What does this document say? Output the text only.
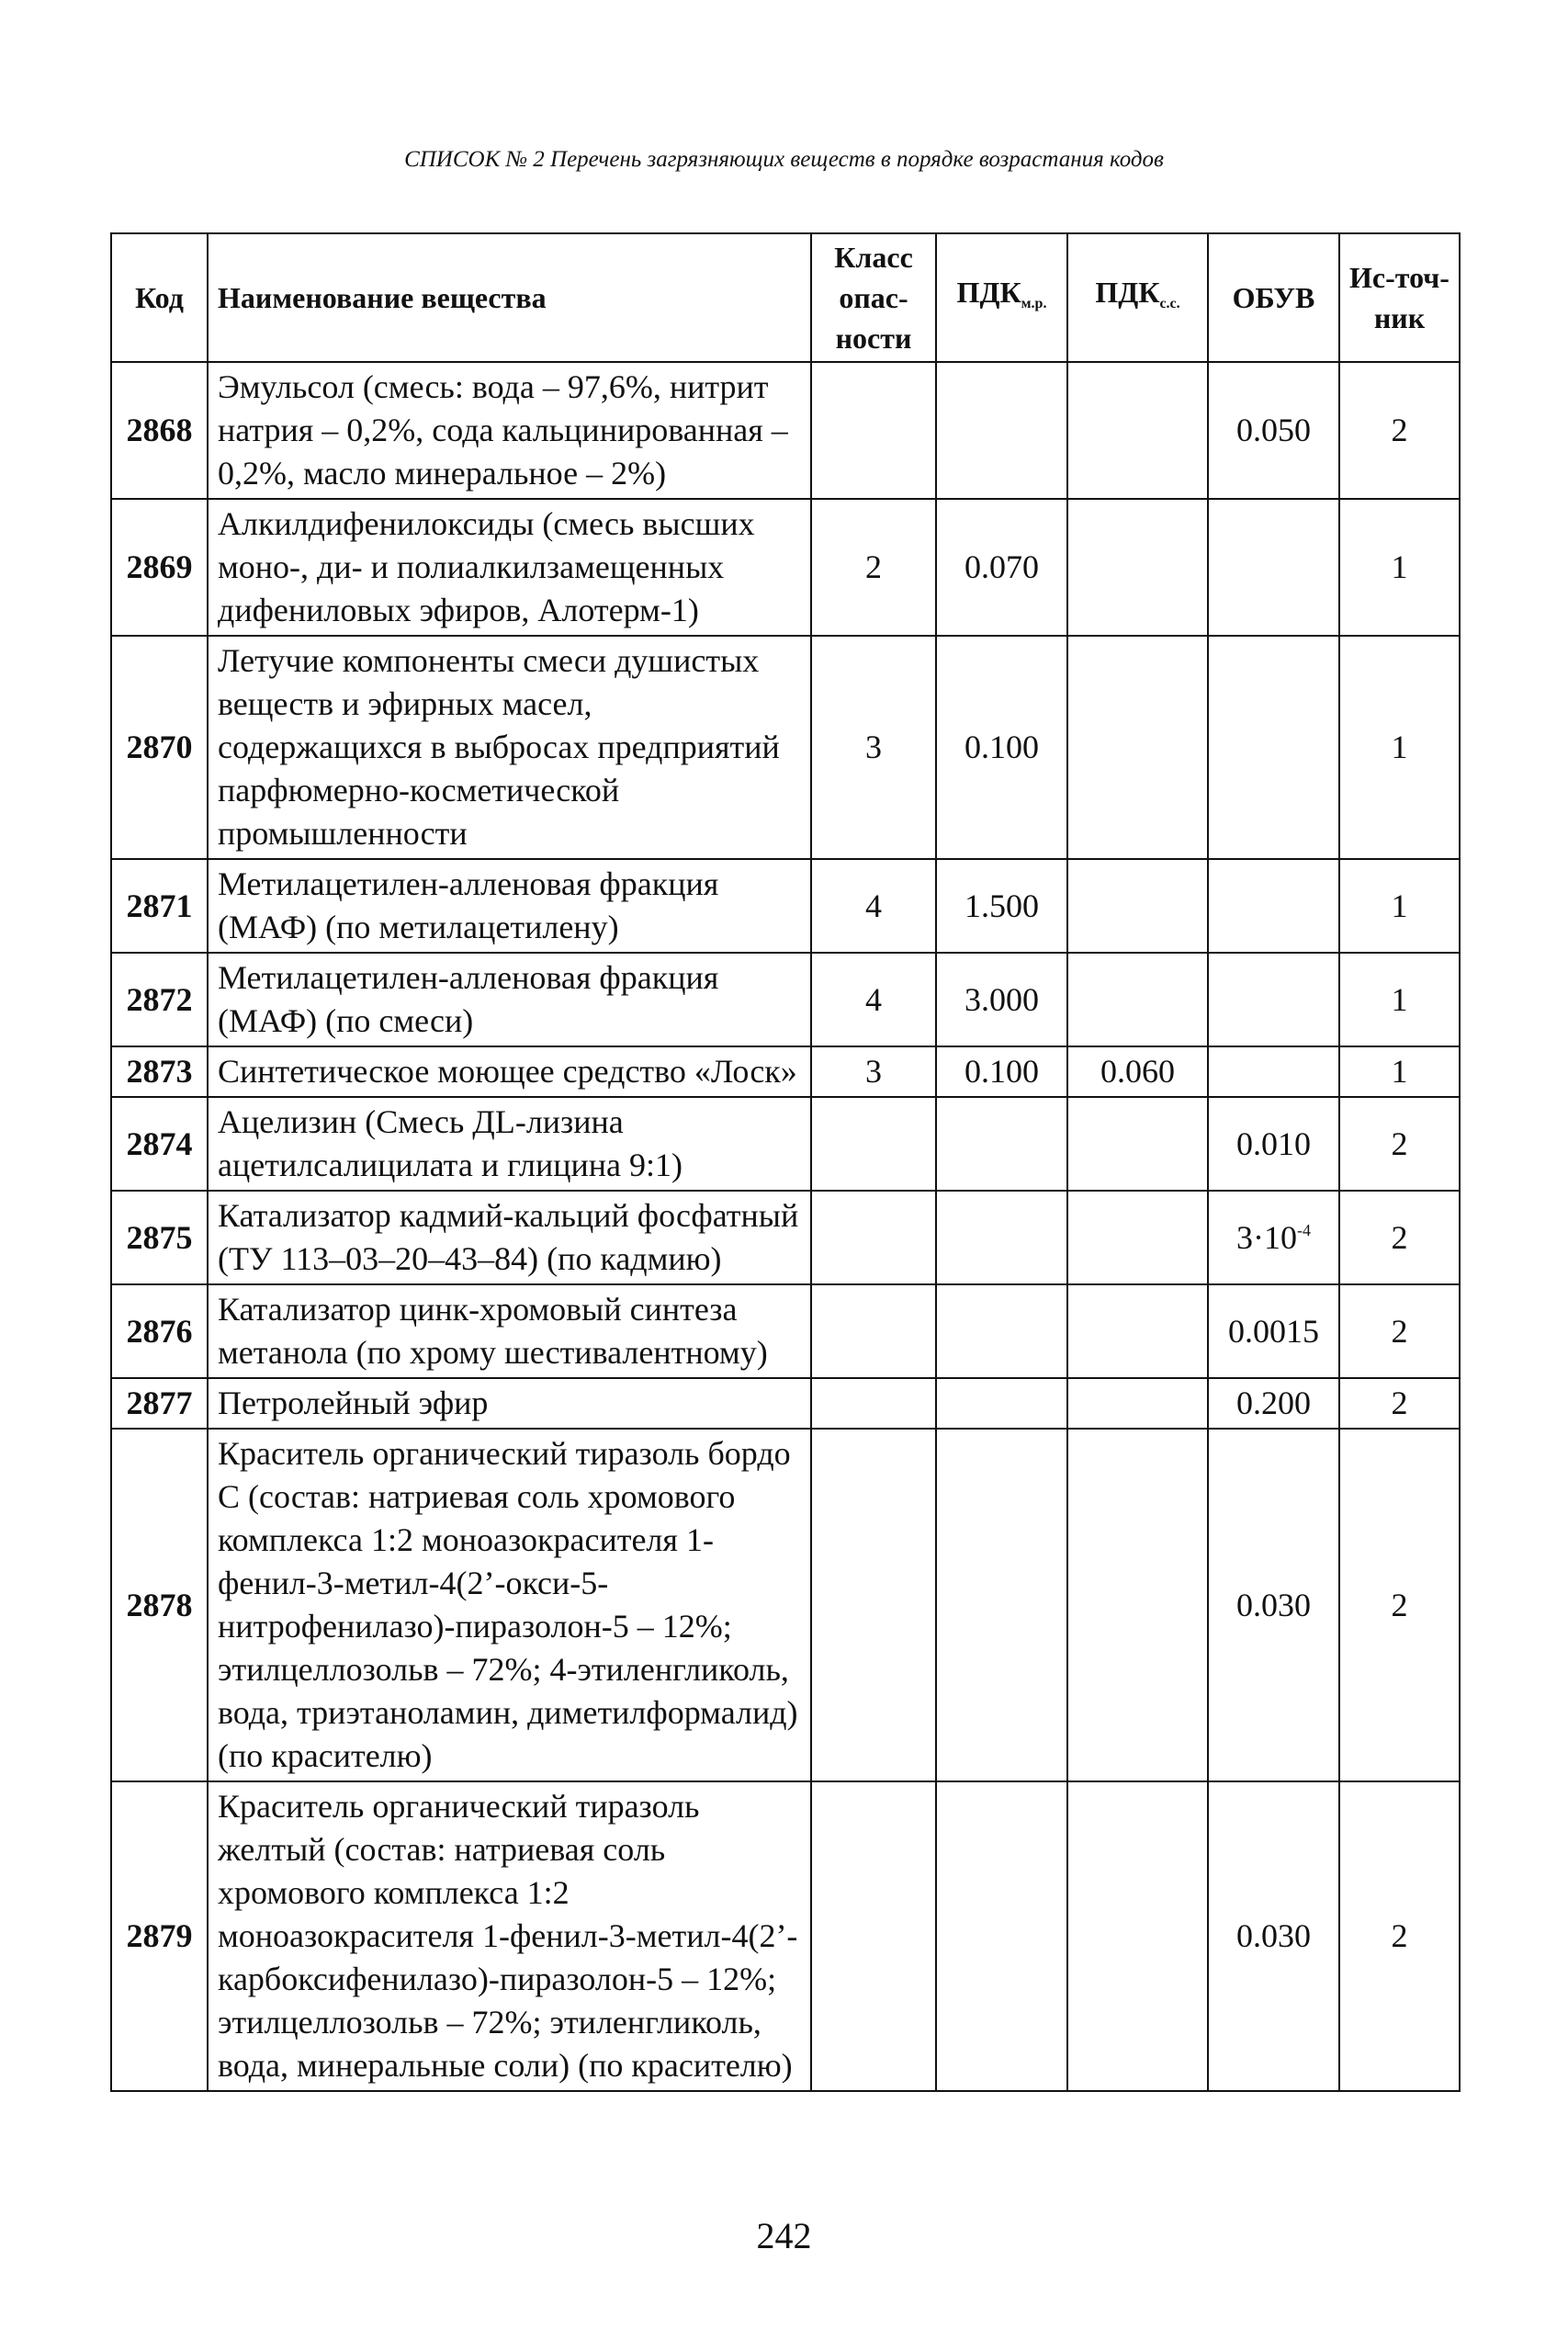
СПИСОК № 2 Перечень загрязняющих веществ в порядке возрастания кодов
Код	Наименование вещества	Класс опас-ности	$ПДК_{м.р.}$	$ПДК_{с.с.}$	ОБУВ	Ис-точ-ник
2868	Эмульсол (смесь: вода – 97,6%, нитрит натрия – 0,2%, сода кальцинированная – 0,2%, масло минеральное – 2%)				0.050	2
2869	Алкилдифенилоксиды (смесь высших моно-, ди- и полиалкилзамещенных дифениловых эфиров, Алотерм-1)	2	0.070			1
2870	Летучие компоненты смеси душистых веществ и эфирных масел, содержащихся в выбросах предприятий парфюмерно-косметической промышленности	3	0.100			1
2871	Метилацетилен-алленовая фракция (МАФ) (по метилацетилену)	4	1.500			1
2872	Метилацетилен-алленовая фракция (МАФ) (по смеси)	4	3.000			1
2873	Синтетическое моющее средство «Лоск»	3	0.100	0.060		1
2874	Ацелизин (Смесь ДL-лизина ацетилсалицилата и глицина 9:1)				0.010	2
2875	Катализатор кадмий-кальций фосфатный (ТУ 113–03–20–43–84) (по кадмию)				$3\cdot 10^{-4}$	2
2876	Катализатор цинк-хромовый синтеза метанола (по хрому шестивалентному)				0.0015	2
2877	Петролейный эфир				0.200	2
2878	Краситель органический тиразоль бордо С (состав: натриевая соль хромового комплекса 1:2 моноазокрасителя 1-фенил-3-метил-4(2’-окси-5-нитрофенилазо)-пиразолон-5 – 12%; этилцеллозольв – 72%; 4-этиленгликоль, вода, триэтаноламин, диметилформалид) (по красителю)				0.030	2
2879	Краситель органический тиразоль желтый (состав: натриевая соль хромового комплекса 1:2 моноазокрасителя 1-фенил-3-метил-4(2’-карбоксифенилазо)-пиразолон-5 – 12%; этилцеллозольв – 72%; этиленгликоль, вода, минеральные соли) (по красителю)				0.030	2
242
